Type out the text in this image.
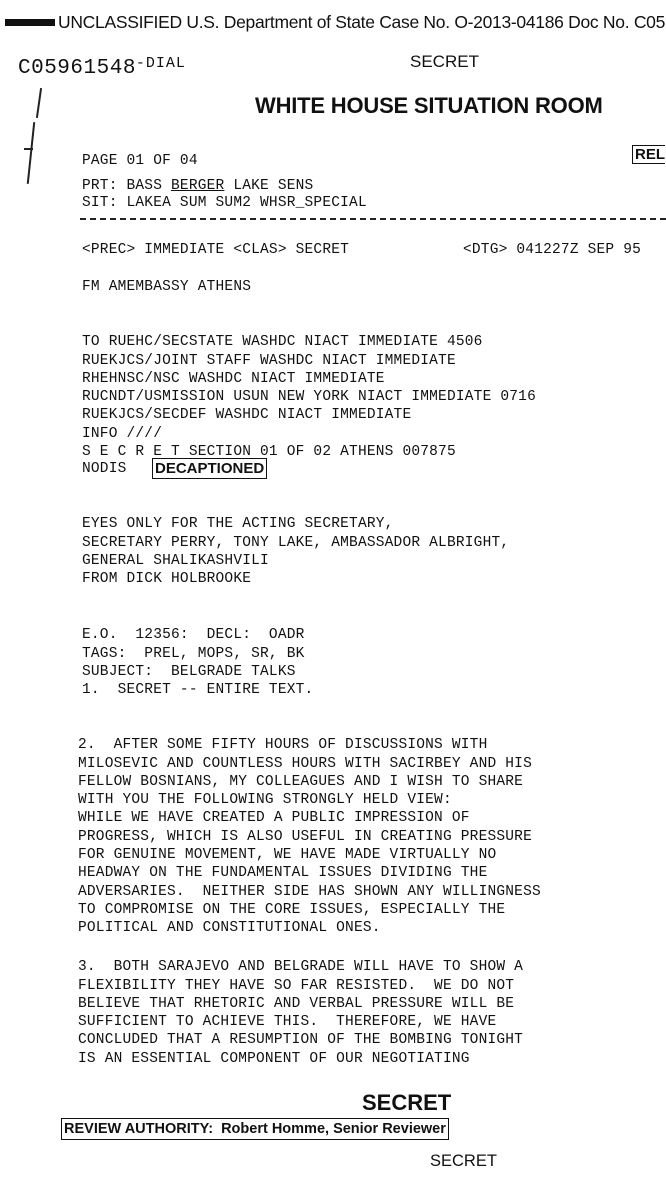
UNCLASSIFIED U.S. Department of State Case No. O-2013-04186 Doc No. C05
$C05961548^{-DIAL}$	SECRET
WHITE HOUSE SITUATION ROOM
REL
PAGE 01 OF 04
PRT: BASS BERGER LAKE SENS
SIT: LAKEA SUM SUM2 WHSR_SPECIAL
<PREC> IMMEDIATE <CLAS> SECRET	<DTG> 041227Z SEP 95
FM AMEMBASSY ATHENS

TO RUEHC/SECSTATE WASHDC NIACT IMMEDIATE 4506
RUEKJCS/JOINT STAFF WASHDC NIACT IMMEDIATE
RHEHNSC/NSC WASHDC NIACT IMMEDIATE
RUCNDT/USMISSION USUN NEW YORK NIACT IMMEDIATE 0716
RUEKJCS/SECDEF WASHDC NIACT IMMEDIATE
INFO ////
S E C R E T SECTION 01 OF 02 ATHENS 007875

NODIS DECAPTIONED

EYES ONLY FOR THE ACTING SECRETARY,
SECRETARY PERRY, TONY LAKE, AMBASSADOR ALBRIGHT,
GENERAL SHALIKASHVILI

FROM DICK HOLBROOKE

E.O.  12356:  DECL:  OADR
TAGS:  PREL, MOPS, SR, BK
SUBJECT:  BELGRADE TALKS

1.  SECRET -- ENTIRE TEXT.

2.  AFTER SOME FIFTY HOURS OF DISCUSSIONS WITH
MILOSEVIC AND COUNTLESS HOURS WITH SACIRBEY AND HIS
FELLOW BOSNIANS, MY COLLEAGUES AND I WISH TO SHARE
WITH YOU THE FOLLOWING STRONGLY HELD VIEW:
WHILE WE HAVE CREATED A PUBLIC IMPRESSION OF
PROGRESS, WHICH IS ALSO USEFUL IN CREATING PRESSURE
FOR GENUINE MOVEMENT, WE HAVE MADE VIRTUALLY NO
HEADWAY ON THE FUNDAMENTAL ISSUES DIVIDING THE
ADVERSARIES.  NEITHER SIDE HAS SHOWN ANY WILLINGNESS
TO COMPROMISE ON THE CORE ISSUES, ESPECIALLY THE
POLITICAL AND CONSTITUTIONAL ONES.

3.  BOTH SARAJEVO AND BELGRADE WILL HAVE TO SHOW A
FLEXIBILITY THEY HAVE SO FAR RESISTED.  WE DO NOT
BELIEVE THAT RHETORIC AND VERBAL PRESSURE WILL BE
SUFFICIENT TO ACHIEVE THIS.  THEREFORE, WE HAVE
CONCLUDED THAT A RESUMPTION OF THE BOMBING TONIGHT
IS AN ESSENTIAL COMPONENT OF OUR NEGOTIATING

SECRET
REVIEW AUTHORITY:  Robert Homme, Senior Reviewer
SECRET
